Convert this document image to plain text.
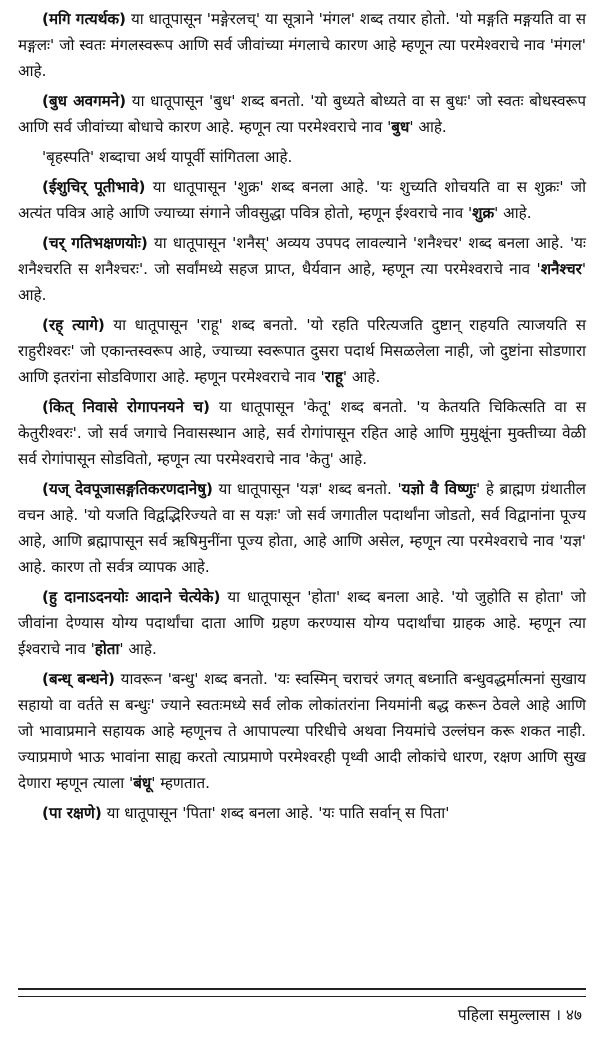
(मगि गत्यर्थक) या धातूपासून 'मङ्गेरलच्' या सूत्राने 'मंगल' शब्द तयार होतो. 'यो मङ्गति मङ्गयति वा स मङ्गलः' जो स्वतः मंगलस्वरूप आणि सर्व जीवांच्या मंगलाचे कारण आहे म्हणून त्या परमेश्वराचे नाव 'मंगल' आहे.

(बुध अवगमने) या धातूपासून 'बुध' शब्द बनतो. 'यो बुध्यते बोध्यते वा स बुधः' जो स्वतः बोधस्वरूप आणि सर्व जीवांच्या बोधाचे कारण आहे. म्हणून त्या परमेश्वराचे नाव 'बुध' आहे.

'बृहस्पति' शब्दाचा अर्थ यापूर्वी सांगितला आहे.

(ईशुचिर् पूतीभावे) या धातूपासून 'शुक्र' शब्द बनला आहे. 'यः शुच्यति शोचयति वा स शुक्रः' जो अत्यंत पवित्र आहे आणि ज्याच्या संगाने जीवसुद्धा पवित्र होतो, म्हणून ईश्वराचे नाव 'शुक्र' आहे.

(चर् गतिभक्षणयोः) या धातूपासून 'शनैस्' अव्यय उपपद लावल्याने 'शनैश्चर' शब्द बनला आहे. 'यः शनैश्चरति स शनैश्चरः'. जो सर्वांमध्ये सहज प्राप्त, धैर्यवान आहे, म्हणून त्या परमेश्वराचे नाव 'शनैश्चर' आहे.

(रह् त्यागे) या धातूपासून 'राहू' शब्द बनतो. 'यो रहति परित्यजति दुष्टान् राहयति त्याजयति स राहुरीश्वरः' जो एकान्तस्वरूप आहे, ज्याच्या स्वरूपात दुसरा पदार्थ मिसळलेला नाही, जो दुष्टांना सोडणारा आणि इतरांना सोडविणारा आहे. म्हणून परमेश्वराचे नाव 'राहू' आहे.

(कित् निवासे रोगापनयने च) या धातूपासून 'केतू' शब्द बनतो. 'य केतयति चिकित्सति वा स केतुरीश्वरः'. जो सर्व जगाचे निवासस्थान आहे, सर्व रोगांपासून रहित आहे आणि मुमुक्षूंना मुक्तीच्या वेळी सर्व रोगांपासून सोडवितो, म्हणून त्या परमेश्वराचे नाव 'केतु' आहे.

(यज् देवपूजासङ्गतिकरणदानेषु) या धातूपासून 'यज्ञ' शब्द बनतो. 'यज्ञो वै विष्णुः' हे ब्राह्मण ग्रंथातील वचन आहे. 'यो यजति विद्वद्भिरिज्यते वा स यज्ञः' जो सर्व जगातील पदार्थांना जोडतो, सर्व विद्वानांना पूज्य आहे, आणि ब्रह्मापासून सर्व ऋषिमुनींना पूज्य होता, आहे आणि असेल, म्हणून त्या परमेश्वराचे नाव 'यज्ञ' आहे. कारण तो सर्वत्र व्यापक आहे.

(हु दानाऽदनयोः आदाने चेत्येके) या धातूपासून 'होता' शब्द बनला आहे. 'यो जुहोति स होता' जो जीवांना देण्यास योग्य पदार्थांचा दाता आणि ग्रहण करण्यास योग्य पदार्थांचा ग्राहक आहे. म्हणून त्या ईश्वराचे नाव 'होता' आहे.

(बन्ध् बन्धने) यावरून 'बन्धु' शब्द बनतो. 'यः स्वस्मिन् चराचरं जगत् बध्नाति बन्धुवद्धर्मात्मनां सुखाय सहायो वा वर्तते स बन्धुः' ज्याने स्वतःमध्ये सर्व लोक लोकांतरांना नियमांनी बद्ध करून ठेवले आहे आणि जो भावाप्रमाने सहायक आहे म्हणूनच ते आपापल्या परिधीचे अथवा नियमांचे उल्लंघन करू शकत नाही. ज्याप्रमाणे भाऊ भावांना साह्य करतो त्याप्रमाणे परमेश्वरही पृथ्वी आदी लोकांचे धारण, रक्षण आणि सुख देणारा म्हणून त्याला 'बंधू' म्हणतात.

(पा रक्षणे) या धातूपासून 'पिता' शब्द बनला आहे. 'यः पाति सर्वान् स पिता'

पहिला समुल्लास । ४७
